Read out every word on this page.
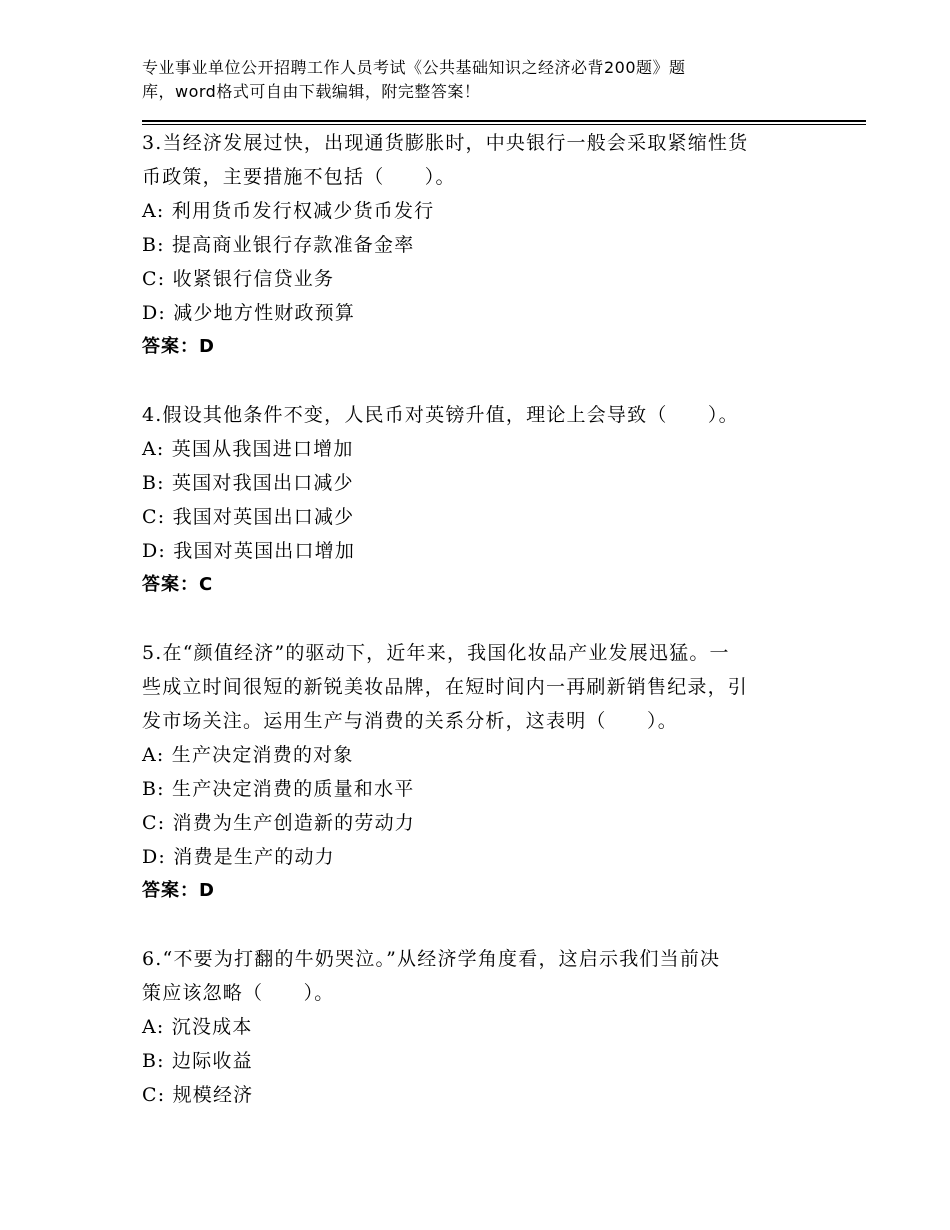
专业事业单位公开招聘工作人员考试《公共基础知识之经济必背200题》题
库，word格式可自由下载编辑，附完整答案！
3.当经济发展过快，出现通货膨胀时，中央银行一般会采取紧缩性货
币政策，主要措施不包括（　　）。
A: 利用货币发行权减少货币发行
B: 提高商业银行存款准备金率
C: 收紧银行信贷业务
D: 减少地方性财政预算
答案：D
4.假设其他条件不变，人民币对英镑升值，理论上会导致（　　）。
A: 英国从我国进口增加
B: 英国对我国出口减少
C: 我国对英国出口减少
D: 我国对英国出口增加
答案：C
5.在“颜值经济”的驱动下，近年来，我国化妆品产业发展迅猛。一
些成立时间很短的新锐美妆品牌，在短时间内一再刷新销售纪录，引
发市场关注。运用生产与消费的关系分析，这表明（　　）。
A: 生产决定消费的对象
B: 生产决定消费的质量和水平
C: 消费为生产创造新的劳动力
D: 消费是生产的动力
答案：D
6.“不要为打翻的牛奶哭泣。”从经济学角度看，这启示我们当前决
策应该忽略（　　）。
A: 沉没成本
B: 边际收益
C: 规模经济
